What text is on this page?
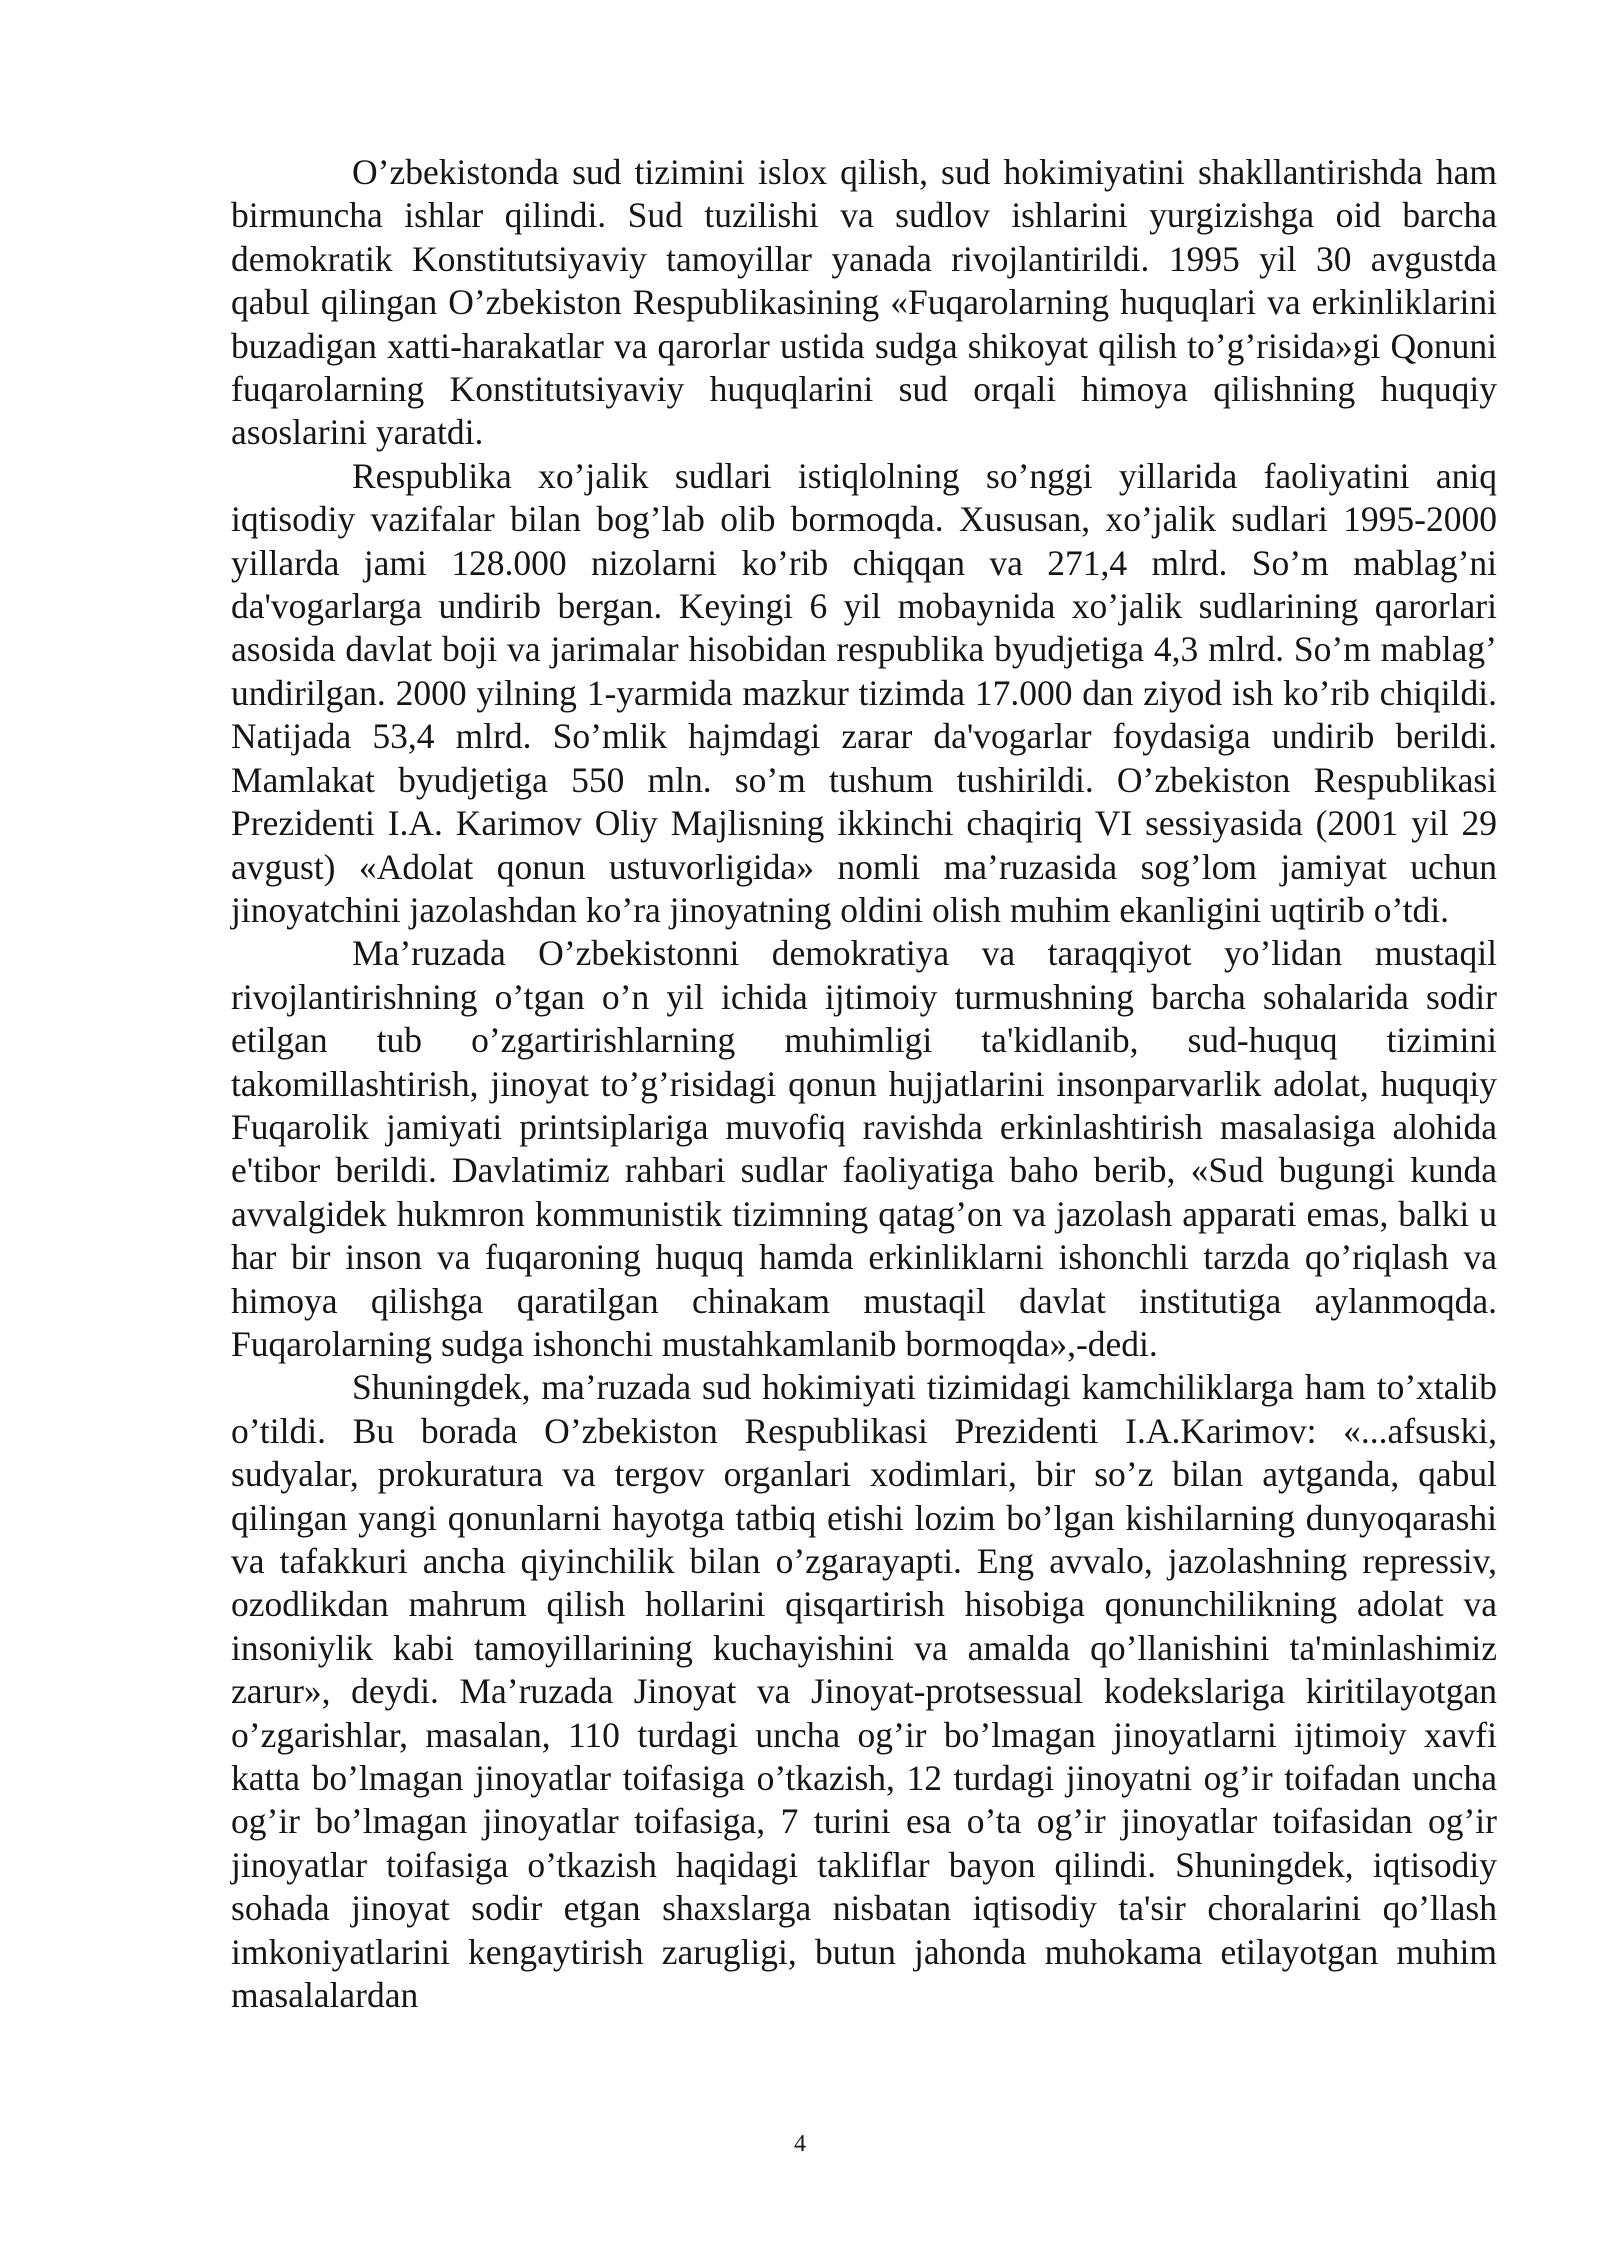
O’zbekistonda sud tizimini islox qilish, sud hokimiyatini shakllantirishda ham birmuncha ishlar qilindi. Sud tuzilishi va sudlov ishlarini yurgizishga oid barcha demokratik Konstitutsiyaviy tamoyillar yanada rivojlantirildi. 1995 yil 30 avgustda qabul qilingan O’zbekiston Respublikasining «Fuqarolarning huquqlari va erkinliklarini buzadigan xatti-harakatlar va qarorlar ustida sudga shikoyat qilish to’g’risida»gi Qonuni fuqarolarning Konstitutsiyaviy huquqlarini sud orqali himoya qilishning huquqiy asoslarini yaratdi.

Respublika xo’jalik sudlari istiqlolning so’nggi yillarida faoliyatini aniq iqtisodiy vazifalar bilan bog’lab olib bormoqda. Xususan, xo’jalik sudlari 1995-2000 yillarda jami 128.000 nizolarni ko’rib chiqqan va 271,4 mlrd. So’m mablag’ni da'vogarlarga undirib bergan. Keyingi 6 yil mobaynida xo’jalik sudlarining qarorlari asosida davlat boji va jarimalar hisobidan respublika byudjetiga 4,3 mlrd. So’m mablag’ undirilgan. 2000 yilning 1-yarmida mazkur tizimda 17.000 dan ziyod ish ko’rib chiqildi. Natijada 53,4 mlrd. So’mlik hajmdagi zarar da'vogarlar foydasiga undirib berildi. Mamlakat byudjetiga 550 mln. so’m tushum tushirildi. O’zbekiston Respublikasi Prezidenti I.A. Karimov Oliy Majlisning ikkinchi chaqiriq VI sessiyasida (2001 yil 29 avgust) «Adolat qonun ustuvorligida» nomli ma’ruzasida sog’lom jamiyat uchun jinoyatchini jazolashdan ko’ra jinoyatning oldini olish muhim ekanligini uqtirib o’tdi.

Ma’ruzada O’zbekistonni demokratiya va taraqqiyot yo’lidan mustaqil rivojlantirishning o’tgan o’n yil ichida ijtimoiy turmushning barcha sohalarida sodir etilgan tub o’zgartirishlarning muhimligi ta'kidlanib, sud-huquq tizimini takomillashtirish, jinoyat to’g’risidagi qonun hujjatlarini insonparvarlik adolat, huquqiy Fuqarolik jamiyati printsiplariga muvofiq ravishda erkinlashtirish masalasiga alohida e'tibor berildi. Davlatimiz rahbari sudlar faoliyatiga baho berib, «Sud bugungi kunda avvalgidek hukmron kommunistik tizimning qatag’on va jazolash apparati emas, balki u har bir inson va fuqaroning huquq hamda erkinliklarni ishonchli tarzda qo’riqlash va himoya qilishga qaratilgan chinakam mustaqil davlat institutiga aylanmoqda. Fuqarolarning sudga ishonchi mustahkamlanib bormoqda»,-dedi.

Shuningdek, ma’ruzada sud hokimiyati tizimidagi kamchiliklarga ham to’xtalib o’tildi. Bu borada O’zbekiston Respublikasi Prezidenti I.A.Karimov: «...afsuski, sudyalar, prokuratura va tergov organlari xodimlari, bir so’z bilan aytganda, qabul qilingan yangi qonunlarni hayotga tatbiq etishi lozim bo’lgan kishilarning dunyoqarashi va tafakkuri ancha qiyinchilik bilan o’zgarayapti. Eng avvalo, jazolashning repressiv, ozodlikdan mahrum qilish hollarini qisqartirish hisobiga qonunchilikning adolat va insoniylik kabi tamoyillarining kuchayishini va amalda qo’llanishini ta'minlashimiz zarur», deydi. Ma’ruzada Jinoyat va Jinoyat-protsessual kodekslariga kiritilayotgan o’zgarishlar, masalan, 110 turdagi uncha og’ir bo’lmagan jinoyatlarni ijtimoiy xavfi katta bo’lmagan jinoyatlar toifasiga o’tkazish, 12 turdagi jinoyatni og’ir toifadan uncha og’ir bo’lmagan jinoyatlar toifasiga, 7 turini esa o’ta og’ir jinoyatlar toifasidan og’ir jinoyatlar toifasiga o’tkazish haqidagi takliflar bayon qilindi. Shuningdek, iqtisodiy sohada jinoyat sodir etgan shaxslarga nisbatan iqtisodiy ta'sir choralarini qo’llash imkoniyatlarini kengaytirish zarugligi, butun jahonda muhokama etilayotgan muhim masalalardan

4
